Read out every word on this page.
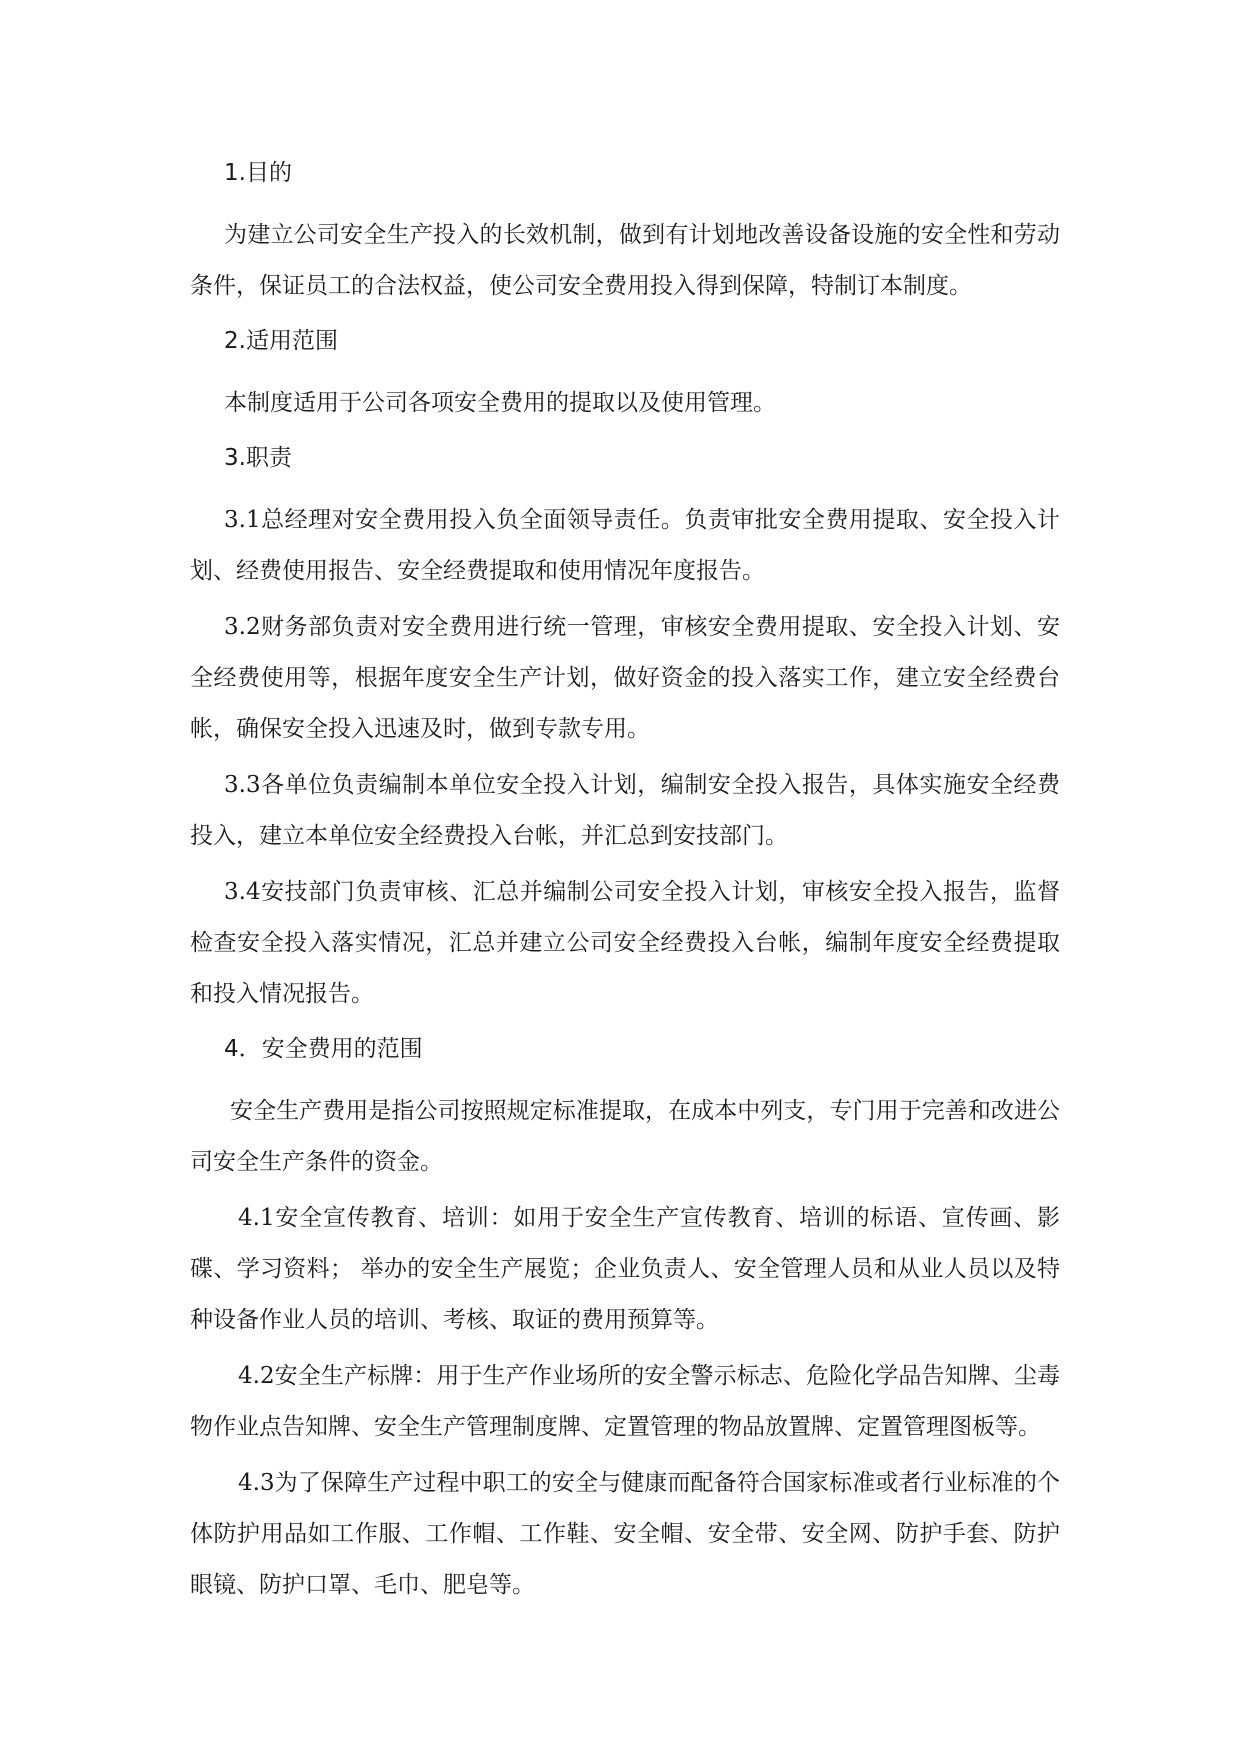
1.目的

为建立公司安全生产投入的长效机制，做到有计划地改善设备设施的安全性和劳动条件，保证员工的合法权益，使公司安全费用投入得到保障，特制订本制度。

2.适用范围

本制度适用于公司各项安全费用的提取以及使用管理。

3.职责

3.1总经理对安全费用投入负全面领导责任。负责审批安全费用提取、安全投入计划、经费使用报告、安全经费提取和使用情况年度报告。

3.2财务部负责对安全费用进行统一管理，审核安全费用提取、安全投入计划、安全经费使用等，根据年度安全生产计划，做好资金的投入落实工作，建立安全经费台帐，确保安全投入迅速及时，做到专款专用。

3.3各单位负责编制本单位安全投入计划，编制安全投入报告，具体实施安全经费投入，建立本单位安全经费投入台帐，并汇总到安技部门。

3.4安技部门负责审核、汇总并编制公司安全投入计划，审核安全投入报告，监督检查安全投入落实情况，汇总并建立公司安全经费投入台帐，编制年度安全经费提取和投入情况报告。

4．安全费用的范围

安全生产费用是指公司按照规定标准提取，在成本中列支，专门用于完善和改进公司安全生产条件的资金。

4.1安全宣传教育、培训：如用于安全生产宣传教育、培训的标语、宣传画、影碟、学习资料； 举办的安全生产展览；企业负责人、安全管理人员和从业人员以及特种设备作业人员的培训、考核、取证的费用预算等。

4.2安全生产标牌：用于生产作业场所的安全警示标志、危险化学品告知牌、尘毒物作业点告知牌、安全生产管理制度牌、定置管理的物品放置牌、定置管理图板等。

4.3为了保障生产过程中职工的安全与健康而配备符合国家标准或者行业标准的个体防护用品如工作服、工作帽、工作鞋、安全帽、安全带、安全网、防护手套、防护眼镜、防护口罩、毛巾、肥皂等。
